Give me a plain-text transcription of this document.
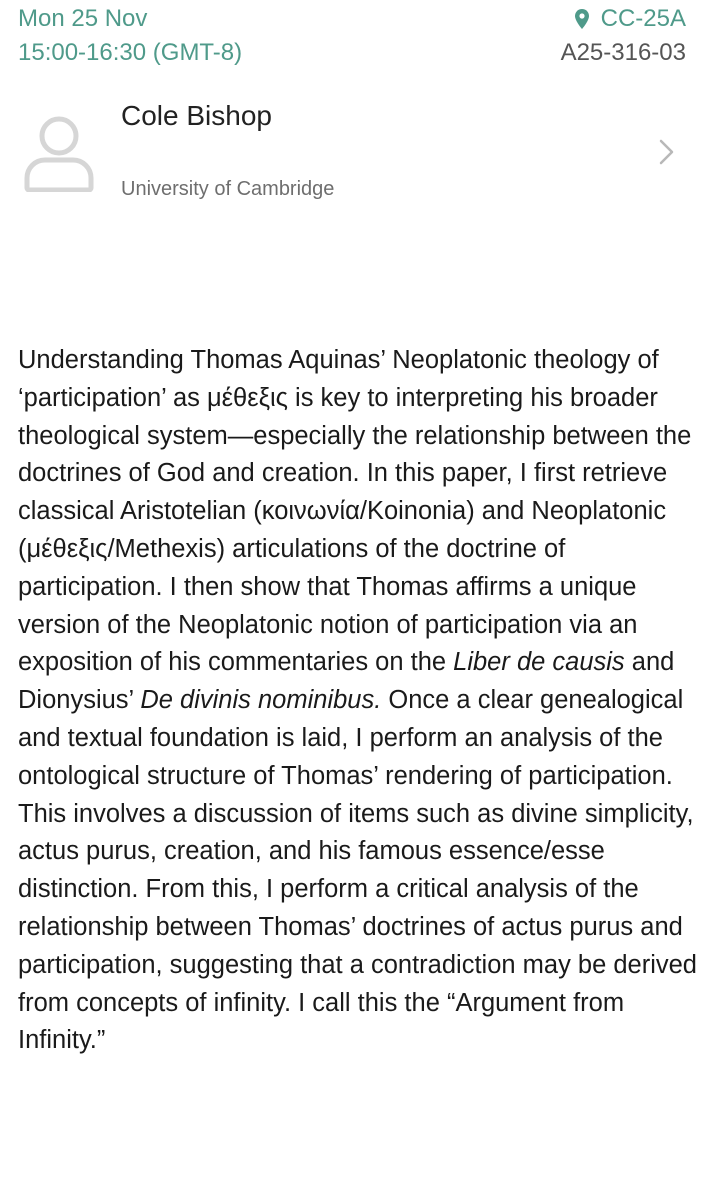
Mon 25 Nov
15:00-16:30 (GMT-8)
CC-25A
A25-316-03
Cole Bishop
University of Cambridge

Understanding Thomas Aquinas’ Neoplatonic theology of ‘participation’ as μέθεξις is key to interpreting his broader theological system—especially the relationship between the doctrines of God and creation. In this paper, I first retrieve classical Aristotelian (κοινωνία/Koinonia) and Neoplatonic (μέθεξις/Methexis) articulations of the doctrine of participation. I then show that Thomas affirms a unique version of the Neoplatonic notion of participation via an exposition of his commentaries on the Liber de causis and Dionysius’ De divinis nominibus. Once a clear genealogical and textual foundation is laid, I perform an analysis of the ontological structure of Thomas’ rendering of participation. This involves a discussion of items such as divine simplicity, actus purus, creation, and his famous essence/esse distinction. From this, I perform a critical analysis of the relationship between Thomas’ doctrines of actus purus and participation, suggesting that a contradiction may be derived from concepts of infinity. I call this the “Argument from Infinity.”
